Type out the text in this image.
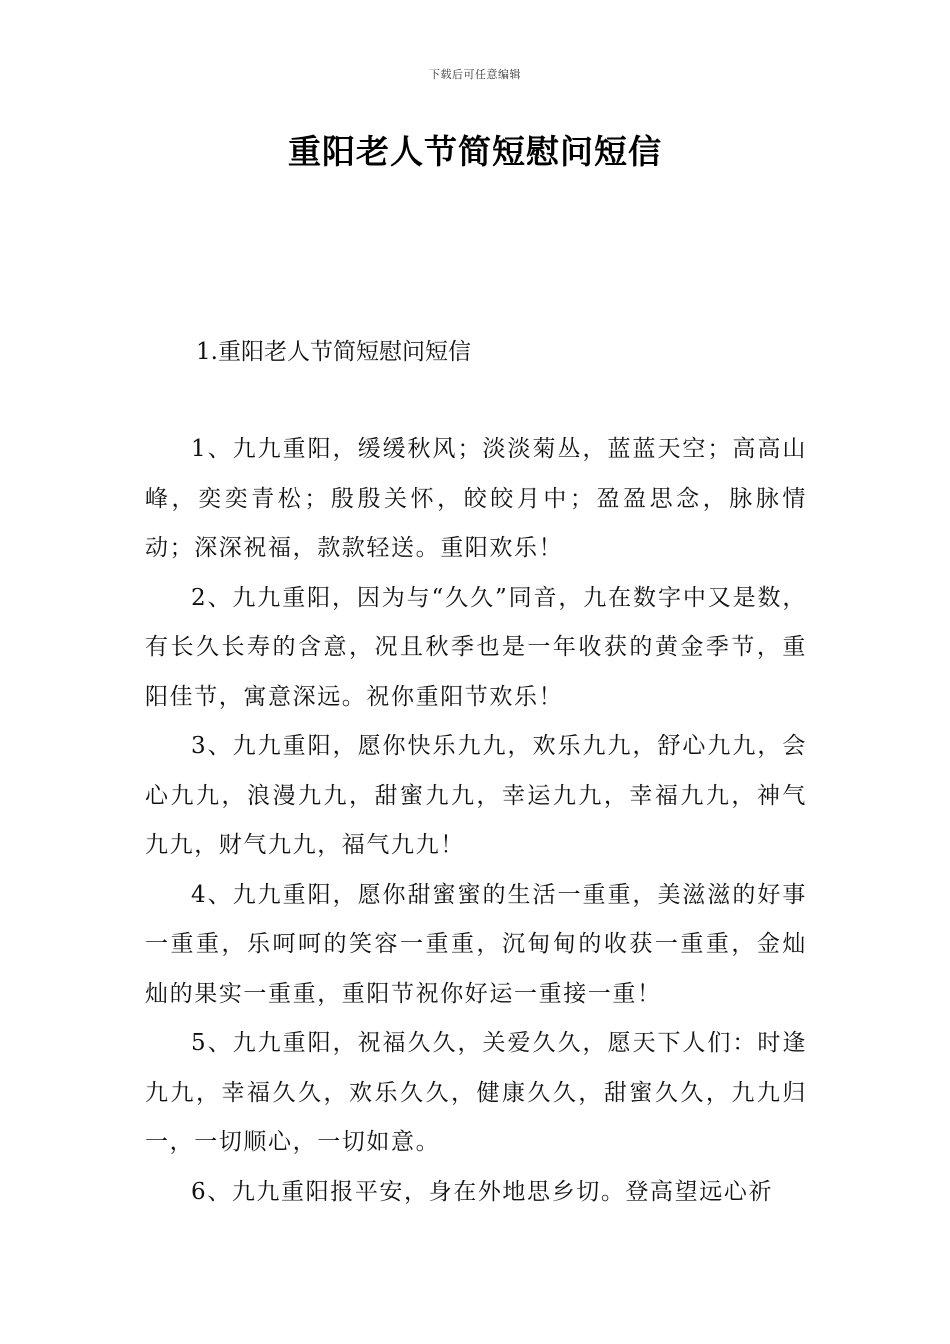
下载后可任意编辑
重阳老人节简短慰问短信
1.重阳老人节简短慰问短信

1、九九重阳，缓缓秋风；淡淡菊丛，蓝蓝天空；高高山峰，奕奕青松；殷殷关怀，皎皎月中；盈盈思念，脉脉情动；深深祝福，款款轻送。重阳欢乐！

2、九九重阳，因为与“久久”同音，九在数字中又是数，有长久长寿的含意，况且秋季也是一年收获的黄金季节，重阳佳节，寓意深远。祝你重阳节欢乐！

3、九九重阳，愿你快乐九九，欢乐九九，舒心九九，会心九九，浪漫九九，甜蜜九九，幸运九九，幸福九九，神气九九，财气九九，福气九九！

4、九九重阳，愿你甜蜜蜜的生活一重重，美滋滋的好事一重重，乐呵呵的笑容一重重，沉甸甸的收获一重重，金灿灿的果实一重重，重阳节祝你好运一重接一重！

5、九九重阳，祝福久久，关爱久久，愿天下人们：时逢九九，幸福久久，欢乐久久，健康久久，甜蜜久久，九九归一，一切顺心，一切如意。

6、九九重阳报平安，身在外地思乡切。登高望远心祈
